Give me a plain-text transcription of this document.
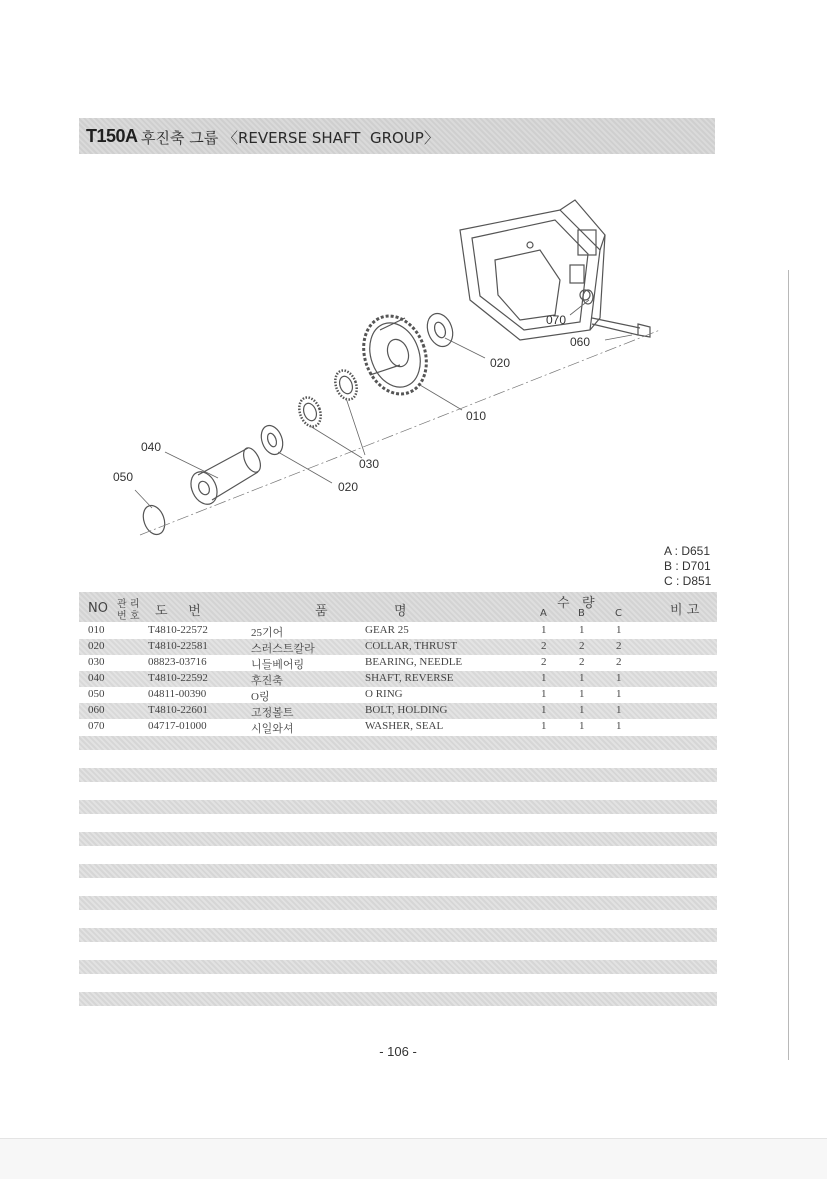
T150A 후진축 그룹 〈REVERSE SHAFT  GROUP〉
070
060
020
010
040
050
030
020
A : D651
B : D701
C : D851
NO 관 리
번 호 도     번	품	명
수   량
A	B	C	비 고
010	T4810-22572	25기어	GEAR 25	1	1	1
020	T4810-22581	스러스트칼라	COLLAR, THRUST	2	2	2
030	08823-03716	니들베어링	BEARING, NEEDLE	2	2	2
040	T4810-22592	후진축	SHAFT, REVERSE	1	1	1
050	04811-00390	O링	O RING	1	1	1
060	T4810-22601	고정볼트	BOLT, HOLDING	1	1	1
070	04717-01000	시일와셔	WASHER, SEAL	1	1	1
- 106 -
